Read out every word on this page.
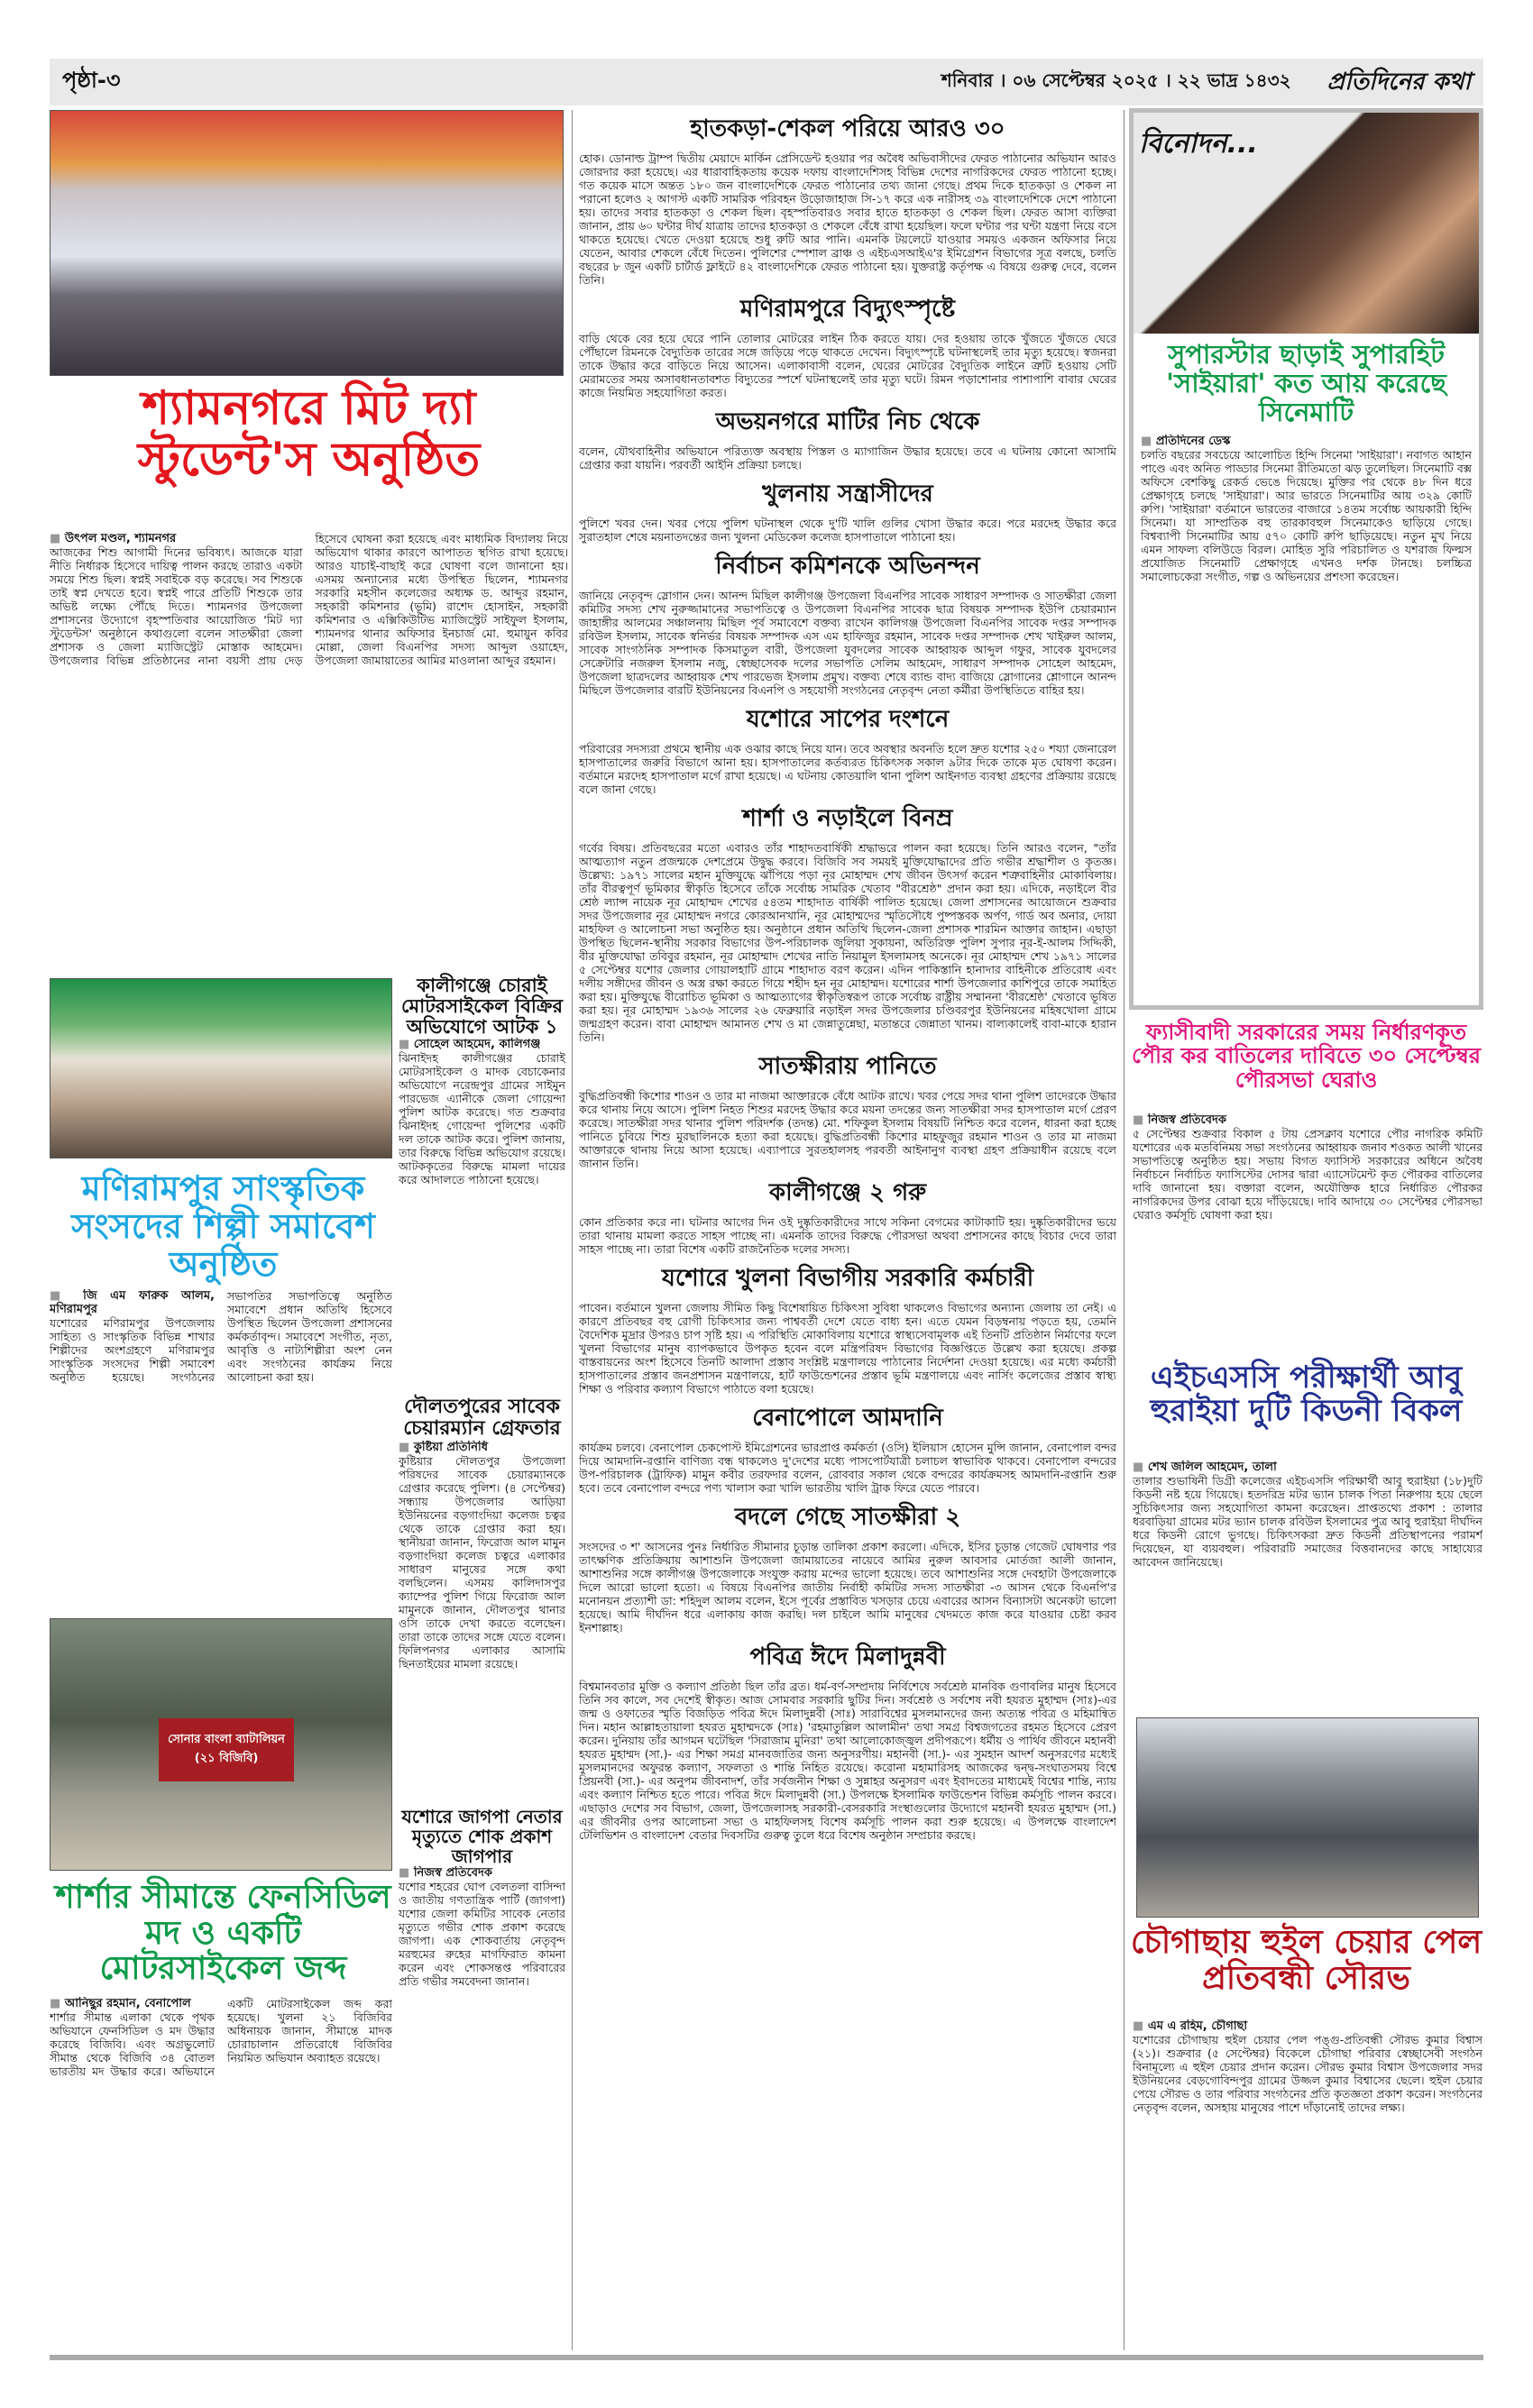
পৃষ্ঠা-৩	শনিবার । ০৬ সেপ্টেম্বর ২০২৫ । ২২ ভাদ্র ১৪৩২ প্রতিদিনের কথা
শ্যামনগরে মিট দ্যা স্টুডেন্ট'স অনুষ্ঠিত
■ উৎপল মণ্ডল, শ্যামনগর
আজকের শিশু আগামী দিনের ভবিষ্যৎ। আজকে যারা নীতি নির্ধারক হিসেবে দায়িত্ব পালন করছে তারাও একটা সময়ে শিশু ছিল। স্বপ্নই সবাইকে বড় করেছে। সব শিশুকে তাই স্বপ্ন দেখতে হবে। স্বপ্নই পারে প্রতিটি শিশুকে তার অভিষ্ট লক্ষ্যে পৌঁছে দিতে। শ্যামনগর উপজেলা প্রশাসনের উদ্যোগে বৃহস্পতিবার আয়োজিত 'মিট দ্যা স্টুডেন্টস' অনুষ্ঠানে কথাগুলো বলেন সাতক্ষীরা জেলা প্রশাসক ও জেলা ম্যাজিস্ট্রেট মোস্তাক আহমেদ। উপজেলার বিভিন্ন প্রতিষ্ঠানের নানা বয়সী প্রায় দেড় হিসেবে ঘোষনা করা হয়েছে এবং মাধ্যমিক বিদ্যালয় নিয়ে অভিযোগ থাকার কারণে আপাতত স্থগিত রাখা হয়েছে। আরও যাচাই-বাছাই করে ঘোষণা বলে জানানো হয়। এসময় অন্যান্যের মধ্যে উপস্থিত ছিলেন, শ্যামনগর সরকারি মহসীন কলেজের অধ্যক্ষ ড. আব্দুর রহমান, সহকারী কমিশনার (ভূমি) রাশেদ হোসাইন, সহকারী কমিশনার ও এক্সিকিউটিভ ম্যাজিস্ট্রেট সাইফুল ইসলাম, শ্যামনগর থানার অফিসার ইনচার্জ মো. হুমায়ুন কবির মোল্লা, জেলা বিএনপির সদস্য আব্দুল ওয়াহেদ, উপজেলা জামায়াতের আমির মাওলানা আব্দুর রহমান।
মণিরামপুর সাংস্কৃতিক সংসদের শিল্পী সমাবেশ অনুষ্ঠিত
■ জি এম ফারুক আলম, মণিরামপুর
যশোরের মণিরামপুর উপজেলায় সাহিত্য ও সাংস্কৃতিক বিভিন্ন শাখার শিল্পীদের অংশগ্রহণে মণিরামপুর সাংস্কৃতিক সংসদের শিল্পী সমাবেশ অনুষ্ঠিত হয়েছে। সংগঠনের সভাপতির সভাপতিত্বে অনুষ্ঠিত সমাবেশে প্রধান অতিথি হিসেবে উপস্থিত ছিলেন উপজেলা প্রশাসনের কর্মকর্তাবৃন্দ। সমাবেশে সংগীত, নৃত্য, আবৃত্তি ও নাট্যশিল্পীরা অংশ নেন এবং সংগঠনের কার্যক্রম নিয়ে আলোচনা করা হয়।
সোনার বাংলা ব্যাটালিয়ন (২১ বিজিবি)
শার্শার সীমান্তে ফেনসিডিল মদ ও একটি মোটরসাইকেল জব্দ
■ আনিছুর রহমান, বেনাপোল
শার্শার সীমান্ত এলাকা থেকে পৃথক অভিযানে ফেনসিডিল ও মদ উদ্ধার করেছে বিজিবি। এবং অগ্রভুলোট সীমান্ত থেকে বিজিবি ৩৪ বোতল ভারতীয় মদ উদ্ধার করে। অভিযানে একটি মোটরসাইকেল জব্দ করা হয়েছে। খুলনা ২১ বিজিবির অধিনায়ক জানান, সীমান্তে মাদক চোরাচালান প্রতিরোধে বিজিবির নিয়মিত অভিযান অব্যাহত রয়েছে।
কালীগঞ্জে চোরাই মোটরসাইকেল বিক্রির অভিযোগে আটক ১
■ সোহেল আহমেদ, কালিগঞ্জ
ঝিনাইদহ কালীগঞ্জের চোরাই মোটরসাইকেল ও মাদক বেচাকেনার অভিযোগে নরেন্দ্রপুর গ্রামের সাইমুন পারভেজ এ্যানীকে জেলা গোয়েন্দা পুলিশ আটক করেছে। গত শুক্রবার ঝিনাইদহ গোয়েন্দা পুলিশের একটি দল তাকে আটক করে। পুলিশ জানায়, তার বিরুদ্ধে বিভিন্ন অভিযোগ রয়েছে। আটককৃতের বিরুদ্ধে মামলা দায়ের করে আদালতে পাঠানো হয়েছে।
দৌলতপুরের সাবেক চেয়ারম্যান গ্রেফতার
■ কুষ্টিয়া প্রতিনিধি
কুষ্টিয়ার দৌলতপুর উপজেলা পরিষদের সাবেক চেয়ারম্যানকে গ্রেপ্তার করেছে পুলিশ। (৪ সেপ্টেম্বর) সন্ধ্যায় উপজেলার আড়িয়া ইউনিয়নের বড়গাংদিয়া কলেজ চত্বর থেকে তাকে গ্রেপ্তার করা হয়। স্থানীয়রা জানান, ফিরোজ আল মামুন বড়গাংদিয়া কলেজ চত্বরে এলাকার সাধারণ মানুষের সঙ্গে কথা বলছিলেন। এসময় কালিদাসপুর ক্যাম্পের পুলিশ গিয়ে ফিরোজ আল মামুনকে জানান, দৌলতপুর থানার ওসি তাকে দেখা করতে বলেছেন। তারা তাকে তাদের সঙ্গে যেতে বলেন। ফিলিপনগর এলাকার আসামি ছিনতাইয়ের মামলা রয়েছে।
যশোরে জাগপা নেতার মৃত্যুতে শোক প্রকাশ জাগপার
■ নিজস্ব প্রতিবেদক
যশোর শহরের ঘোপ বেলতলা বাসিন্দা ও জাতীয় গণতান্ত্রিক পার্টি (জাগপা) যশোর জেলা কমিটির সাবেক নেতার মৃত্যুতে গভীর শোক প্রকাশ করেছে জাগপা। এক শোকবার্তায় নেতৃবৃন্দ মরহুমের রুহের মাগফিরাত কামনা করেন এবং শোকসন্তপ্ত পরিবারের প্রতি গভীর সমবেদনা জানান।
হাতকড়া-শেকল পরিয়ে আরও ৩০
হোক। ডোনাল্ড ট্রাম্প দ্বিতীয় মেয়াদে মার্কিন প্রেসিডেন্ট হওয়ার পর অবৈধ অভিবাসীদের ফেরত পাঠানোর অভিযান আরও জোরদার করা হয়েছে। এর ধারাবাহিকতায় কয়েক দফায় বাংলাদেশিসহ বিভিন্ন দেশের নাগরিকদের ফেরত পাঠানো হচ্ছে। গত কয়েক মাসে অন্তত ১৮০ জন বাংলাদেশিকে ফেরত পাঠানোর তথ্য জানা গেছে। প্রথম দিকে হাতকড়া ও শেকল না পরানো হলেও ২ আগস্ট একটি সামরিক পরিবহন উড়োজাহাজ সি-১৭ করে এক নারীসহ ৩৯ বাংলাদেশিকে দেশে পাঠানো হয়। তাদের সবার হাতকড়া ও শেকল ছিল। বৃহস্পতিবারও সবার হাতে হাতকড়া ও শেকল ছিল। ফেরত আসা ব্যক্তিরা জানান, প্রায় ৬০ ঘন্টার দীর্ঘ যাত্রায় তাদের হাতকড়া ও শেকলে বেঁধে রাখা হয়েছিল। ফলে ঘন্টার পর ঘন্টা যন্ত্রণা নিয়ে বসে থাকতে হয়েছে। খেতে দেওয়া হয়েছে শুধু রুটি আর পানি। এমনকি টয়লেটে যাওয়ার সময়ও একজন অফিসার নিয়ে যেতেন, আবার শেকলে বেঁধে দিতেন। পুলিশের স্পেশাল ব্রাঞ্চ ও এইচএসআইএ'র ইমিগ্রেশন বিভাগের সূত্র বলছে, চলতি বছরের ৮ জুন একটি চার্টার্ড ফ্লাইটে ৪২ বাংলাদেশিকে ফেরত পাঠানো হয়। যুক্তরাষ্ট্র কর্তৃপক্ষ এ বিষয়ে গুরুত্ব দেবে, বলেন তিনি।
মণিরামপুরে বিদ্যুৎস্পৃষ্টে
বাড়ি থেকে বের হয়ে ঘেরে পানি তোলার মোটরের লাইন ঠিক করতে যায়। দের হওয়ায় তাকে খুঁজতে খুঁজতে ঘেরে পৌঁছালে রিমনকে বৈদ্যুতিক তারের সঙ্গে জড়িয়ে পড়ে থাকতে দেখেন। বিদ্যুৎস্পৃষ্টে ঘটনাস্থলেই তার মৃত্যু হয়েছে। স্বজনরা তাকে উদ্ধার করে বাড়িতে নিয়ে আসেন। এলাকাবাসী বলেন, ঘেরের মোটরের বৈদ্যুতিক লাইনে ত্রুটি হওয়ায় সেটি মেরামতের সময় অসাবধানতাবশত বিদ্যুতের স্পর্শে ঘটনাস্থলেই তার মৃত্যু ঘটে। রিমন পড়াশোনার পাশাপাশি বাবার ঘেরের কাজে নিয়মিত সহযোগিতা করত।
অভয়নগরে মাটির নিচ থেকে
বলেন, যৌথবাহিনীর অভিযানে পরিত্যক্ত অবস্থায় পিস্তল ও ম্যাগাজিন উদ্ধার হয়েছে। তবে এ ঘটনায় কোনো আসামি গ্রেপ্তার করা যায়নি। পরবর্তী আইনি প্রক্রিয়া চলছে।
খুলনায় সন্ত্রাসীদের
পুলিশে খবর দেন। খবর পেয়ে পুলিশ ঘটনাস্থল থেকে দু'টি খালি গুলির খোসা উদ্ধার করে। পরে মরদেহ উদ্ধার করে সুরাতহাল শেষে ময়নাতদন্তের জন্য খুলনা মেডিকেল কলেজ হাসপাতালে পাঠানো হয়।
নির্বাচন কমিশনকে অভিনন্দন
জানিয়ে নেতৃবৃন্দ স্লোগান দেন। আনন্দ মিছিল কালীগঞ্জ উপজেলা বিএনপির সাবেক সাধারণ সম্পাদক ও সাতক্ষীরা জেলা কমিটির সদস্য শেখ নুরুজ্জামানের সভাপতিত্বে ও উপজেলা বিএনপির সাবেক ছাত্র বিষয়ক সম্পাদক ইউপি চেয়ারম্যান জাহাঙ্গীর আলমের সঞ্চালনায় মিছিল পূর্ব সমাবেশে বক্তব্য রাখেন কালিগঞ্জ উপজেলা বিএনপির সাবেক দপ্তর সম্পাদক রবিউল ইসলাম, সাবেক স্বনির্ভর বিষয়ক সম্পাদক এস এম হাফিজুর রহমান, সাবেক দপ্তর সম্পাদক শেখ খাইরুল আলম, সাবেক সাংগঠনিক সম্পাদক কিসমাতুল বারী, উপজেলা যুবদলের সাবেক আহ্বায়ক আব্দুল গফুর, সাবেক যুবদলের সেক্রেটারি নজরুল ইসলাম নজু, স্বেচ্ছাসেবক দলের সভাপতি সেলিম আহমেদ, সাধারণ সম্পাদক সোহেল আহমেদ, উপজেলা ছাত্রদলের আহ্বায়ক শেখ পারভেজ ইসলাম প্রমুখ। বক্তব্য শেষে ব্যান্ড বাদ্য বাজিয়ে স্লোগানের শ্লোগানে আনন্দ মিছিলে উপজেলার বারটি ইউনিয়নের বিএনপি ও সহযোগী সংগঠনের নেতৃবৃন্দ নেতা কর্মীরা উপস্থিতিতে বাহির হয়।
যশোরে সাপের দংশনে
পরিবারের সদস্যরা প্রথমে স্থানীয় এক ওঝার কাছে নিয়ে যান। তবে অবস্থার অবনতি হলে দ্রুত যশোর ২৫০ শয্যা জেনারেল হাসপাতালের জরুরি বিভাগে আনা হয়। হাসপাতালের কর্তব্যরত চিকিৎসক সকাল ৯টার দিকে তাকে মৃত ঘোষণা করেন। বর্তমানে মরদেহ হাসপাতাল মর্গে রাখা হয়েছে। এ ঘটনায় কোতয়ালি থানা পুলিশ আইনগত ব্যবস্থা গ্রহণের প্রক্রিয়ায় রয়েছে বলে জানা গেছে।
শার্শা ও নড়াইলে বিনম্র
গর্বের বিষয়। প্রতিবছরের মতো এবারও তাঁর শাহাদতবার্ষিকী শ্রদ্ধাভরে পালন করা হয়েছে। তিনি আরও বলেন, "তাঁর আত্মত্যাগ নতুন প্রজন্মকে দেশপ্রেমে উদ্বুদ্ধ করবে। বিজিবি সব সময়ই মুক্তিযোদ্ধাদের প্রতি গভীর শ্রদ্ধাশীল ও কৃতজ্ঞ। উল্লেখ্য: ১৯৭১ সালের মহান মুক্তিযুদ্ধে ঝাঁপিয়ে পড়া নূর মোহাম্মদ শেখ জীবন উৎসর্গ করেন শত্রুবাহিনীর মোকাবিলায়। তাঁর বীরত্বপূর্ণ ভূমিকার স্বীকৃতি হিসেবে তাঁকে সর্বোচ্চ সামরিক খেতাব "বীরশ্রেষ্ঠ" প্রদান করা হয়। এদিকে, নড়াইলে বীর শ্রেষ্ঠ ল্যান্স নায়েক নূর মোহাম্মদ শেখের ৫৪তম শাহাদাত বার্ষিকী পালিত হয়েছে। জেলা প্রশাসনের আয়োজনে শুক্রবার সদর উপজেলার নূর মোহাম্মদ নগরে কোরআনখানি, নূর মোহাম্মদের স্মৃতিসৌধে পুষ্পস্তবক অর্পণ, গার্ড অব অনার, দোয়া মাহফিল ও আলোচনা সভা অনুষ্ঠিত হয়। অনুষ্ঠানে প্রধান অতিথি ছিলেন-জেলা প্রশাসক শারমিন আক্তার জাহান। এছাড়া উপস্থিত ছিলেন-স্থানীয় সরকার বিভাগের উপ-পরিচালক জুলিয়া সুকায়না, অতিরিক্ত পুলিশ সুপার নূর-ই-আলম সিদ্দিকী, বীর মুক্তিযোদ্ধা তবিবুর রহমান, নূর মোহাম্মাদ শেখের নাতি নিয়ামুল ইসলামসহ অনেকে। নূর মোহাম্মদ শেখ ১৯৭১ সালের ৫ সেপ্টেম্বর যশোর জেলার গোয়ালহাটি গ্রামে শাহাদাত বরণ করেন। এদিন পাকিস্তানি হানাদার বাহিনীকে প্রতিরোধ এবং দলীয় সঙ্গীদের জীবন ও অস্ত্র রক্ষা করতে গিয়ে শহীদ হন নূর মোহাম্মদ। যশোরের শার্শা উপজেলার কাশিপুরে তাকে সমাহিত করা হয়। মুক্তিযুদ্ধে বীরোচিত ভূমিকা ও আত্মত্যাগের স্বীকৃতিস্বরূপ তাকে সর্বোচ্চ রাষ্ট্রীয় সম্মাননা 'বীরশ্রেষ্ঠ' খেতাবে ভূষিত করা হয়। নূর মোহাম্মদ ১৯৩৬ সালের ২৬ ফেব্রুয়ারি নড়াইল সদর উপজেলার চণ্ডিবরপুর ইউনিয়নের মহিষখোলা গ্রামে জন্মগ্রহণ করেন। বাবা মোহাম্মদ আমানত শেখ ও মা জেন্নাতুন্নেছা, মতান্তরে জেন্নাতা খানম। বাল্যকালেই বাবা-মাকে হারান তিনি।
সাতক্ষীরায় পানিতে
বুদ্ধিপ্রতিবন্ধী কিশোর শাওন ও তার মা নাজমা আক্তারকে বেঁধে আটক রাখে। খবর পেয়ে সদর থানা পুলিশ তাদেরকে উদ্ধার করে থানায় নিয়ে আসে। পুলিশ নিহত শিশুর মরদেহ উদ্ধার করে ময়না তদন্তের জন্য সাতক্ষীরা সদর হাসপাতাল মর্গে প্রেরণ করেছে। সাতক্ষীরা সদর থানার পুলিশ পরিদর্শক (তদন্ত) মো. শফিকুল ইসলাম বিষয়টি নিশ্চিত করে বলেন, ধারনা করা হচ্ছে পানিতে চুবিয়ে শিশু মুরছালিনকে হত্যা করা হয়েছে। বুদ্ধিপ্রতিবন্ধী কিশোর মাহফুজুর রহমান শাওন ও তার মা নাজমা আক্তারকে থানায় নিয়ে আসা হয়েছে। এব্যাপারে সুরতহালসহ পরবর্তী আইনানুগ ব্যবস্থা গ্রহণ প্রক্রিয়াধীন রয়েছে বলে জানান তিনি।
কালীগঞ্জে ২ গরু
কোন প্রতিকার করে না। ঘটনার আগের দিন ওই দুষ্কৃতিকারীদের সাথে সকিনা বেগমের কাটাকাটি হয়। দুষ্কৃতিকারীদের ভয়ে তারা থানায় মামলা করতে সাহস পাচ্ছে না। এমনকি তাদের বিরুদ্ধে পৌরসভা অথবা প্রশাসনের কাছে বিচার দেবে তারা সাহস পাচ্ছে না। তারা বিশেষ একটি রাজনৈতিক দলের সদস্য।
যশোরে খুলনা বিভাগীয় সরকারি কর্মচারী
পাবেন। বর্তমানে খুলনা জেলায় সীমিত কিছু বিশেষায়িত চিকিৎসা সুবিধা থাকলেও বিভাগের অন্যান্য জেলায় তা নেই। এ কারণে প্রতিবছর বহু রোগী চিকিৎসার জন্য পাশ্ববর্তী দেশে যেতে বাধ্য হন। এতে যেমন বিড়ম্বনায় পড়তে হয়, তেমনি বৈদেশিক মুদ্রার উপরও চাপ সৃষ্টি হয়। এ পরিস্থিতি মোকাবিলায় যশোরে স্বাস্থ্যসেবামূলক এই তিনটি প্রতিষ্ঠান নির্মাণের ফলে খুলনা বিভাগের মানুষ ব্যাপকভাবে উপকৃত হবেন বলে মন্ত্রিপরিষদ বিভাগের বিজ্ঞপ্তিতে উল্লেখ করা হয়েছে। প্রকল্প বাস্তবায়নের অংশ হিসেবে তিনটি আলাদা প্রস্তাব সংশ্লিষ্ট মন্ত্রণালয়ে পাঠানোর নির্দেশনা দেওয়া হয়েছে। এর মধ্যে কর্মচারী হাসপাতালের প্রস্তাব জনপ্রশাসন মন্ত্রণালয়ে, হার্ট ফাউন্ডেশনের প্রস্তাব ভূমি মন্ত্রণালয়ে এবং নার্সিং কলেজের প্রস্তাব স্বাস্থ্য শিক্ষা ও পরিবার কল্যাণ বিভাগে পাঠাতে বলা হয়েছে।
বেনাপোলে আমদানি
কার্যক্রম চলবে। বেনাপোল চেকপোস্ট ইমিগ্রেশনের ভারপ্রাপ্ত কর্মকর্তা (ওসি) ইলিয়াস হোসেন মুন্সি জানান, বেনাপোল বন্দর দিয়ে আমদানি-রপ্তানি বাণিজ্য বন্ধ থাকলেও দু'দেশের মধ্যে পাসপোর্টযাত্রী চলাচল স্বাভাবিক থাকবে। বেনাপোল বন্দরের উপ-পরিচালক (ট্রাফিক) মামুন কবীর তরফদার বলেন, রোববার সকাল থেকে বন্দরের কার্যক্রমসহ আমদানি-রপ্তানি শুরু হবে। তবে বেনাপোল বন্দরে পণ্য খালাস করা খালি ভারতীয় খালি ট্রাক ফিরে যেতে পারবে।
বদলে গেছে সাতক্ষীরা ২
সংসদের ৩ শ' আসনের পুনঃ নির্ধারিত সীমানার চূড়ান্ত তালিকা প্রকাশ করলো। এদিকে, ইসির চূড়ান্ত গেজেট ঘোষণার পর তাৎক্ষণিক প্রতিক্রিয়ায় আশাশুনি উপজেলা জামায়াতের নায়েবে আমির নুরুল আবসার মোর্তজা আলী জানান, আশাশুনির সঙ্গে কালীগঞ্জ উপজেলাকে সংযুক্ত করায় মন্দের ভালো হয়েছে। তবে আশাশুনির সঙ্গে দেবহাটা উপজেলাকে দিলে আরো ভালো হতো। এ বিষয়ে বিএনপির জাতীয় নির্বাহী কমিটির সদস্য সাতক্ষীরা -৩ আসন থেকে বিএনপি'র মনোনয়ন প্রত্যাশী ডা: শহিদুল আলম বলেন, ইসে পূর্বের প্রস্তাবিত খসড়ার চেয়ে এবারের আসন বিন্যাসটা অনেকটা ভালো হয়েছে। আমি দীর্ঘদিন ধরে এলাকায় কাজ করছি। দল চাইলে আমি মানুষের খেদমতে কাজ করে যাওয়ার চেষ্টা করব ইনশাল্লাহ।
পবিত্র ঈদে মিলাদুন্নবী
বিশ্বমানবতার মুক্তি ও কল্যাণ প্রতিষ্ঠা ছিল তাঁর ব্রত। ধর্ম-বর্ণ-সম্প্রদায় নির্বিশেষে সর্বশ্রেষ্ঠ মানবিক গুণাবলির মানুষ হিসেবে তিনি সব কালে, সব দেশেই স্বীকৃত। আজ সোমবার সরকারি ছুটির দিন। সর্বশ্রেষ্ঠ ও সর্বশেষ নবী হযরত মুহাম্মদ (সাঃ)-এর জন্ম ও ওফাতের স্মৃতি বিজড়িত পবিত্র ঈদে মিলাদুন্নবী (সাঃ) সারাবিশ্বের মুসলমানদের জন্য অত্যন্ত পবিত্র ও মহিমান্বিত দিন। মহান আল্লাহতায়ালা হযরত মুহাম্মদকে (সাঃ) 'রহমাতুল্লিল আলামীন' তথা সমগ্র বিশ্বজগতের রহমত হিসেবে প্রেরণ করেন। দুনিয়ায় তাঁর আগমন ঘটেছিল 'সিরাজাম মুনিরা' তথা আলোকোজ্জ্বল প্রদীপরূপে। ধর্মীয় ও পার্থিব জীবনে মহানবী হযরত মুহাম্মদ (সা.)- এর শিক্ষা সমগ্র মানবজাতির জন্য অনুসরণীয়। মহানবী (সা.)- এর সুমহান আদর্শ অনুসরণের মধ্যেই মুসলমানদের অফুরন্ত কল্যাণ, সফলতা ও শান্তি নিহিত রয়েছে। করোনা মহামারিসহ আজকের দ্বন্দ্ব-সংঘাতসময় বিশ্বে প্রিয়নবী (সা.)- এর অনুপম জীবনাদর্শ, তাঁর সর্বজনীন শিক্ষা ও সুন্নাহর অনুসরণ এবং ইবাদতের মাধ্যমেই বিশ্বের শান্তি, ন্যায় এবং কল্যাণ নিশ্চিত হতে পারে। পবিত্র ঈদে মিলাদুন্নবী (সা.) উপলক্ষে ইসলামিক ফাউন্ডেশন বিভিন্ন কর্মসূচি পালন করবে। এছাড়াও দেশের সব বিভাগ, জেলা, উপজেলাসহ সরকারী-বেসরকারি সংস্থাগুলোর উদ্যোগে মহানবী হযরত মুহাম্মদ (সা.) এর জীবনীর ওপর আলোচনা সভা ও মাহফিলসহ বিশেষ কর্মসূচি পালন করা শুরু হয়েছে। এ উপলক্ষে বাংলাদেশ টেলিভিশন ও বাংলাদেশ বেতার দিবসটির গুরুত্ব তুলে ধরে বিশেষ অনুষ্ঠান সম্প্রচার করছে।
বিনোদন...
সুপারস্টার ছাড়াই সুপারহিট 'সাইয়ারা' কত আয় করেছে সিনেমাটি
■ প্রতিদিনের ডেস্ক
চলতি বছরের সবচেয়ে আলোচিত হিন্দি সিনেমা 'সাইয়ারা'। নবাগত আহান পাণ্ডে এবং অনিত পাড্ডার সিনেমা রীতিমতো ঝড় তুলেছিল। সিনেমাটি বক্স অফিসে বেশকিছু রেকর্ড ভেঙে দিয়েছে। মুক্তির পর থেকে ৪৮ দিন ধরে প্রেক্ষাগৃহে চলছে 'সাইয়ারা'। আর ভারতে সিনেমাটির আয় ৩২৯ কোটি রুপি। 'সাইয়ারা' বর্তমানে ভারতের বাজারে ১৪তম সর্বোচ্চ আয়কারী হিন্দি সিনেমা। যা সাম্প্রতিক বহু তারকাবহুল সিনেমাকেও ছাড়িয়ে গেছে। বিশ্বব্যাপী সিনেমাটির আয় ৫৭০ কোটি রুপি ছাড়িয়েছে। নতুন মুখ নিয়ে এমন সাফল্য বলিউডে বিরল। মোহিত সুরি পরিচালিত ও যশরাজ ফিল্মস প্রযোজিত সিনেমাটি প্রেক্ষাগৃহে এখনও দর্শক টানছে। চলচ্চিত্র সমালোচকেরা সংগীত, গল্প ও অভিনয়ের প্রশংসা করেছেন।
ফ্যাসীবাদী সরকারের সময় নির্ধারণকৃত পৌর কর বাতিলের দাবিতে ৩০ সেপ্টেম্বর পৌরসভা ঘেরাও
■ নিজস্ব প্রতিবেদক
৫ সেপ্টেম্বর শুক্রবার বিকাল ৫ টায় প্রেসক্লাব যশোরে পৌর নাগরিক কমিটি যশোরের এক মতবিনিময় সভা সংগঠনের আহ্বায়ক জনাব শওকত আলী খানের সভাপতিত্বে অনুষ্ঠিত হয়। সভায় বিগত ফ্যাসিস্ট সরকারের অধিনে অবৈধ নির্বাচনে নির্বাচিত ফ্যাসিস্টের দোসর দ্বারা এ্যাসেটমেন্ট কৃত পৌরকর বাতিলের দাবি জানানো হয়। বক্তারা বলেন, অযৌক্তিক হারে নির্ধারিত পৌরকর নাগরিকদের উপর বোঝা হয়ে দাঁড়িয়েছে। দাবি আদায়ে ৩০ সেপ্টেম্বর পৌরসভা ঘেরাও কর্মসূচি ঘোষণা করা হয়।
এইচএসসি পরীক্ষার্থী আবু হুরাইয়া দুটি কিডনী বিকল
■ শেখ জলিল আহমেদ, তালা
তালার শুভাষিনী ডিগ্রী কলেজের এইচএসসি পরিক্ষার্থী আবু হুরাইয়া (১৮)দুটি কিডনী নষ্ট হয়ে গিয়েছে। হতদরিদ্র মটর ভ্যান চালক পিতা নিরুপায় হয়ে ছেলে সুচিকিৎসার জন্য সহযোগিতা কামনা করেছেন। প্রাপ্ততথ্যে প্রকাশ : তালার ধরবাড়িয়া গ্রামের মটর ভ্যান চালক রবিউল ইসলামের পুত্র আবু হুরাইয়া দীর্ঘদিন ধরে কিডনী রোগে ভুগছে। চিকিৎসকরা দ্রুত কিডনী প্রতিস্থাপনের পরামর্শ দিয়েছেন, যা ব্যয়বহুল। পরিবারটি সমাজের বিত্তবানদের কাছে সাহায্যের আবেদন জানিয়েছে।
চৌগাছায় হুইল চেয়ার পেল প্রতিবন্ধী সৌরভ
■ এম এ রহিম, চৌগাছা
যশোরের চৌগাছায় হুইল চেয়ার পেল পঙ্গু-প্রতিবন্ধী সৌরভ কুমার বিশ্বাস (২১)। শুক্রবার (৫ সেপ্টেম্বর) বিকেলে চৌগাছা পরিবার স্বেচ্ছাসেবী সংগঠন বিনামূল্যে এ হুইল চেয়ার প্রদান করেন। সৌরভ কুমার বিশ্বাস উপজেলার সদর ইউনিয়নের বেড়গোবিন্দপুর গ্রামের উজ্জল কুমার বিশ্বাসের ছেলে। হুইল চেয়ার পেয়ে সৌরভ ও তার পরিবার সংগঠনের প্রতি কৃতজ্ঞতা প্রকাশ করেন। সংগঠনের নেতৃবৃন্দ বলেন, অসহায় মানুষের পাশে দাঁড়ানোই তাদের লক্ষ্য।
